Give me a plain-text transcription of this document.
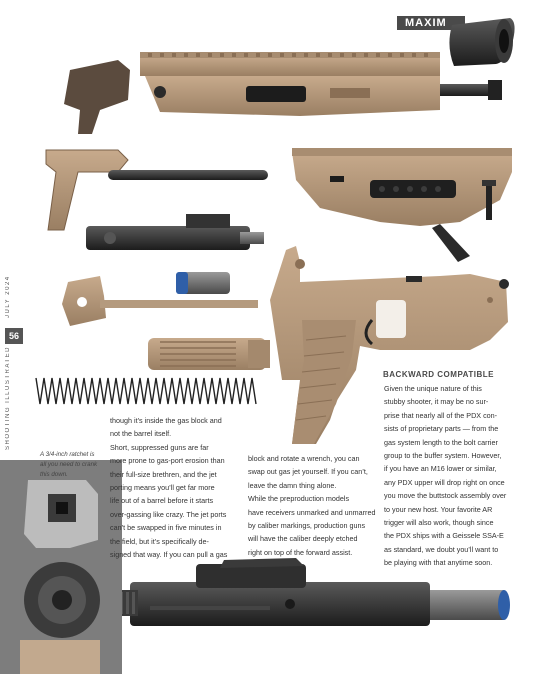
MAXIM
JULY 2024
56
SHOOTING ILLUSTRATED
A 3/4-inch ratchet is all you need to crank this down.
BACKWARD COMPATIBLE

though it’s inside the gas block and

not the barrel itself.

Short, suppressed guns are far

more prone to gas-port erosion than

their full-size brethren, and the jet

porting means you’ll get far more

life out of a barrel before it starts

over-gassing like crazy. The jet ports

can’t be swapped in five minutes in

the field, but it’s specifically de-

signed that way. If you can pull a gas

block and rotate a wrench, you can

swap out gas jet yourself. If you can’t,

leave the damn thing alone.

While the preproduction models

have receivers unmarked and unmarred

by caliber markings, production guns

will have the caliber deeply etched

right on top of the forward assist.

Given the unique nature of this

stubby shooter, it may be no sur-

prise that nearly all of the PDX con-

sists of proprietary parts — from the

gas system length to the bolt carrier

group to the buffer system. However,

if you have an M16 lower or similar,

any PDX upper will drop right on once

you move the buttstock assembly over

to your new host. Your favorite AR

trigger will also work, though since

the PDX ships with a Geissele SSA-E

as standard, we doubt you’ll want to

be playing with that anytime soon.
